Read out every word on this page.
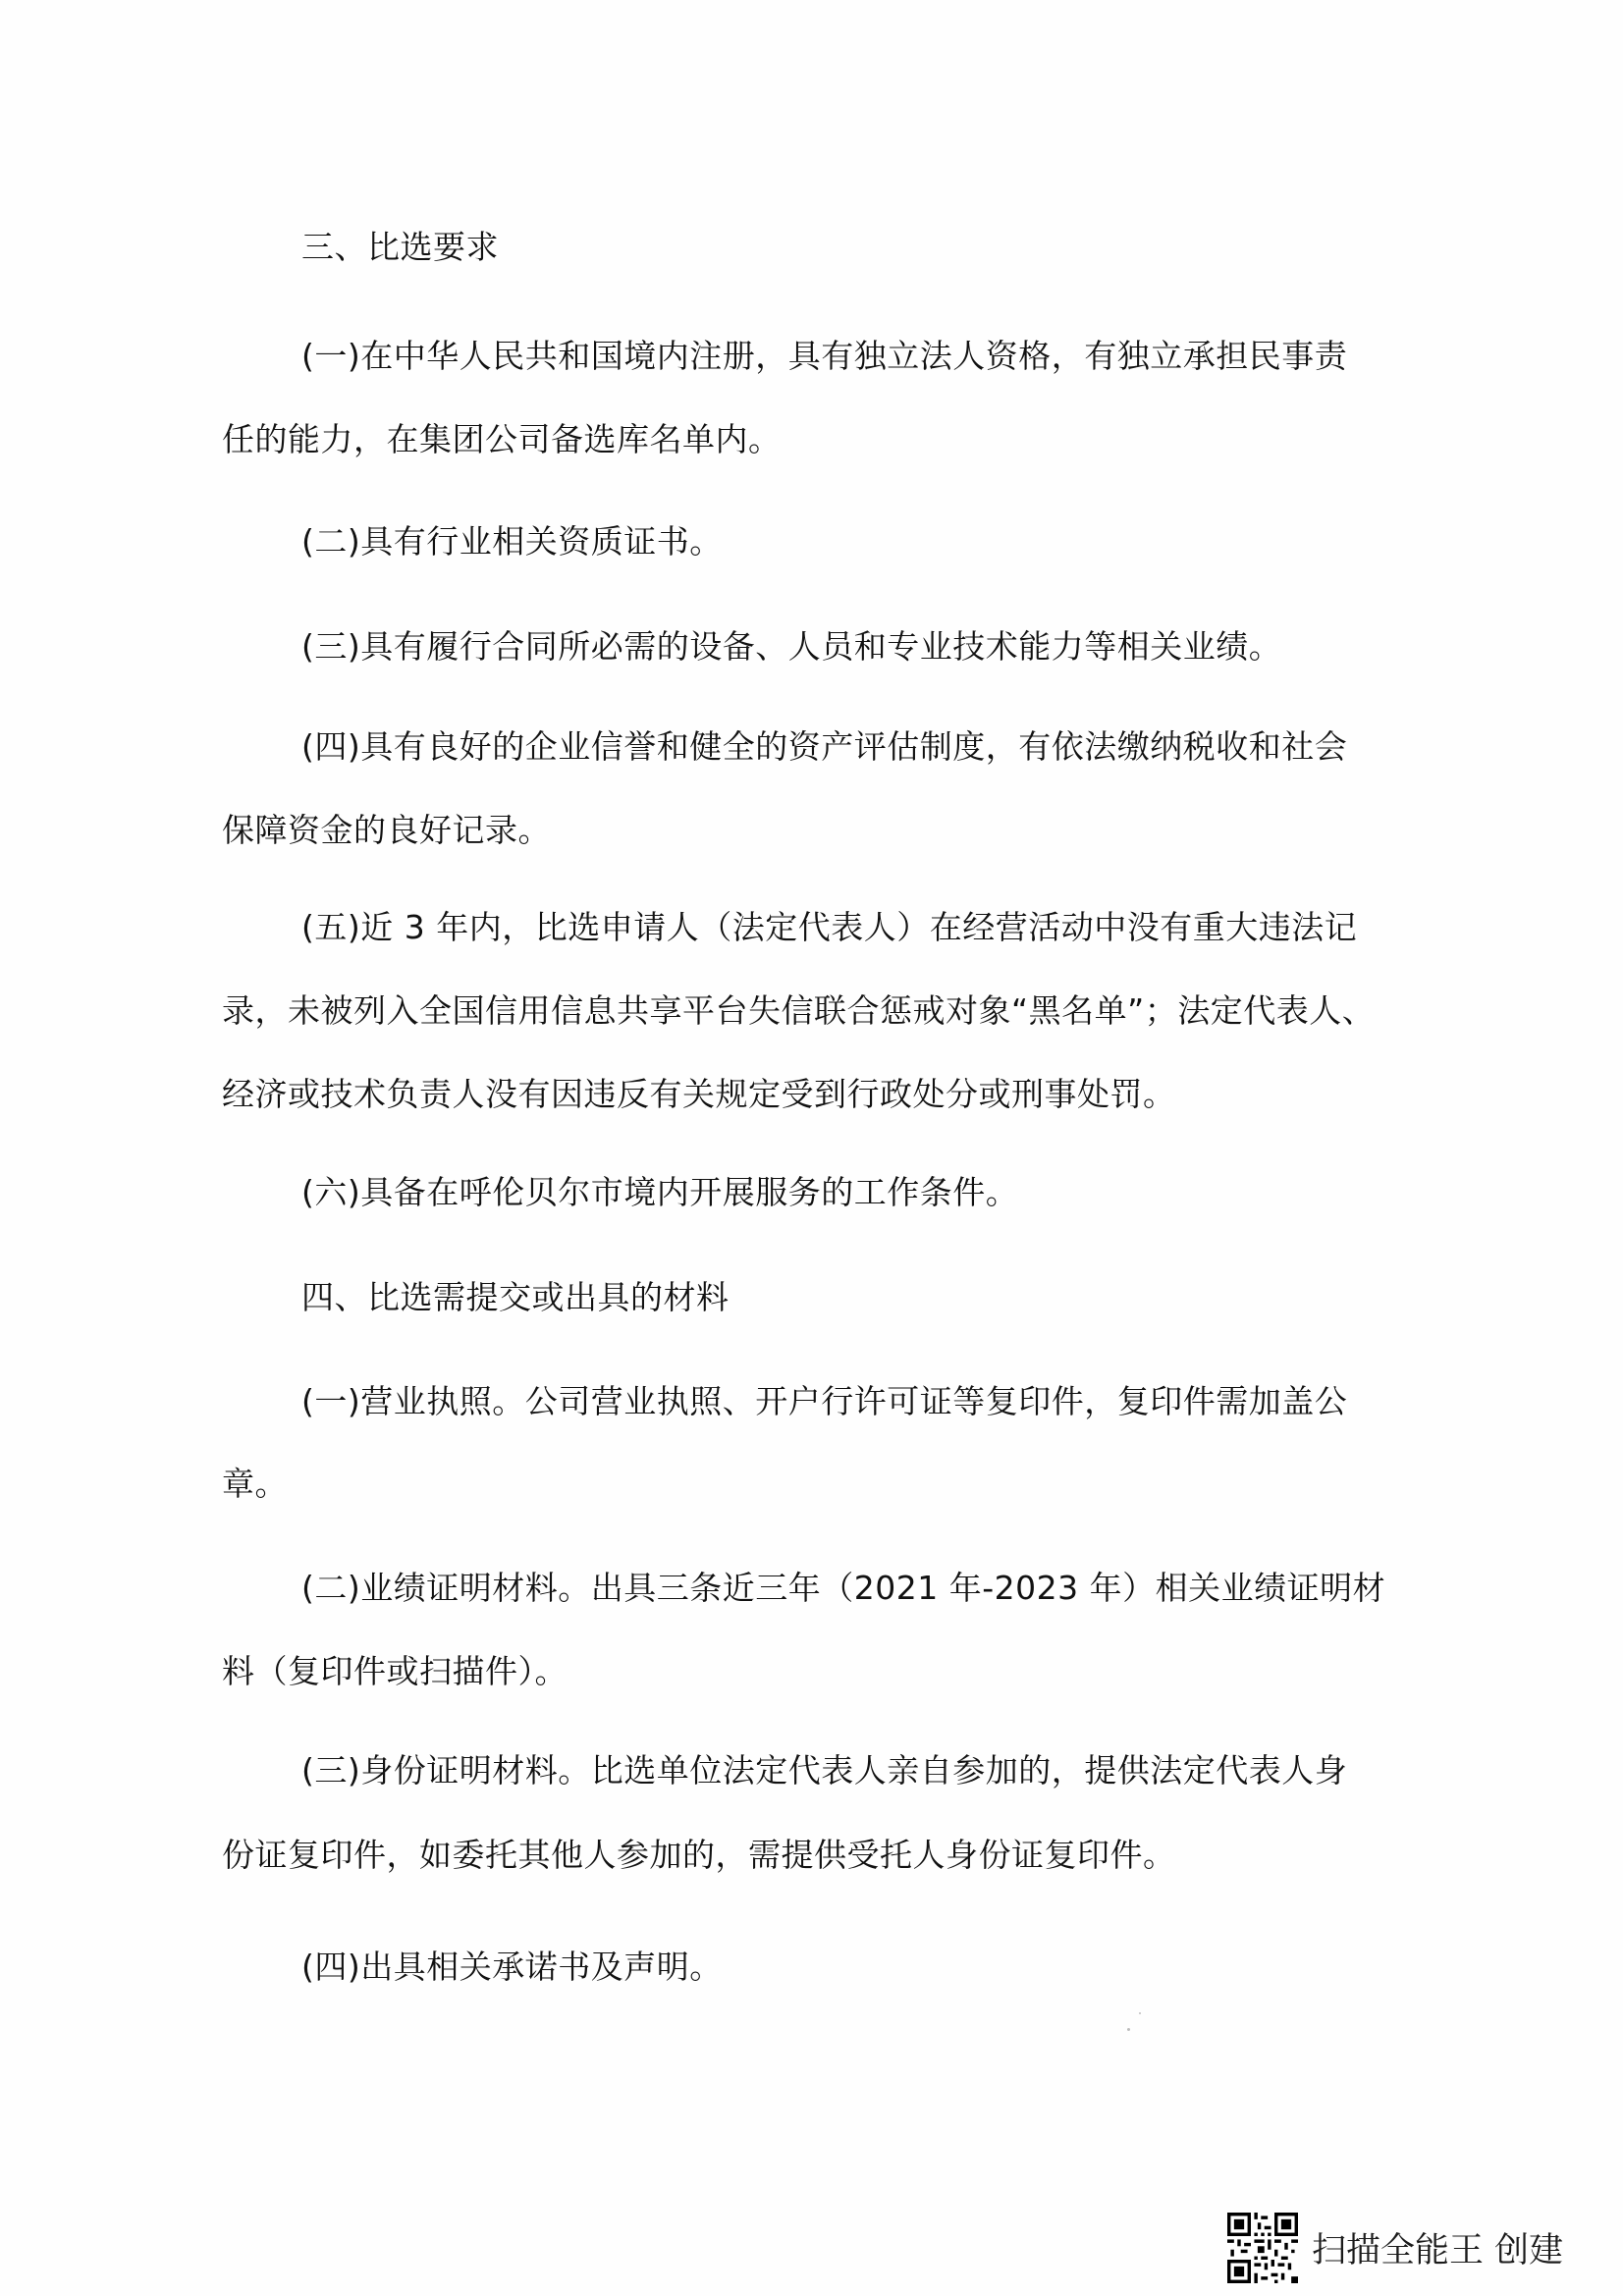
三、比选要求
(一)在中华人民共和国境内注册，具有独立法人资格，有独立承担民事责
任的能力，在集团公司备选库名单内。
(二)具有行业相关资质证书。
(三)具有履行合同所必需的设备、人员和专业技术能力等相关业绩。
(四)具有良好的企业信誉和健全的资产评估制度，有依法缴纳税收和社会
保障资金的良好记录。
(五)近 3 年内，比选申请人（法定代表人）在经营活动中没有重大违法记
录，未被列入全国信用信息共享平台失信联合惩戒对象“黑名单”；法定代表人、
经济或技术负责人没有因违反有关规定受到行政处分或刑事处罚。
(六)具备在呼伦贝尔市境内开展服务的工作条件。
四、比选需提交或出具的材料
(一)营业执照。公司营业执照、开户行许可证等复印件，复印件需加盖公
章。
(二)业绩证明材料。出具三条近三年（2021 年-2023 年）相关业绩证明材
料（复印件或扫描件）。
(三)身份证明材料。比选单位法定代表人亲自参加的，提供法定代表人身
份证复印件，如委托其他人参加的，需提供受托人身份证复印件。
(四)出具相关承诺书及声明。
扫描全能王 创建
